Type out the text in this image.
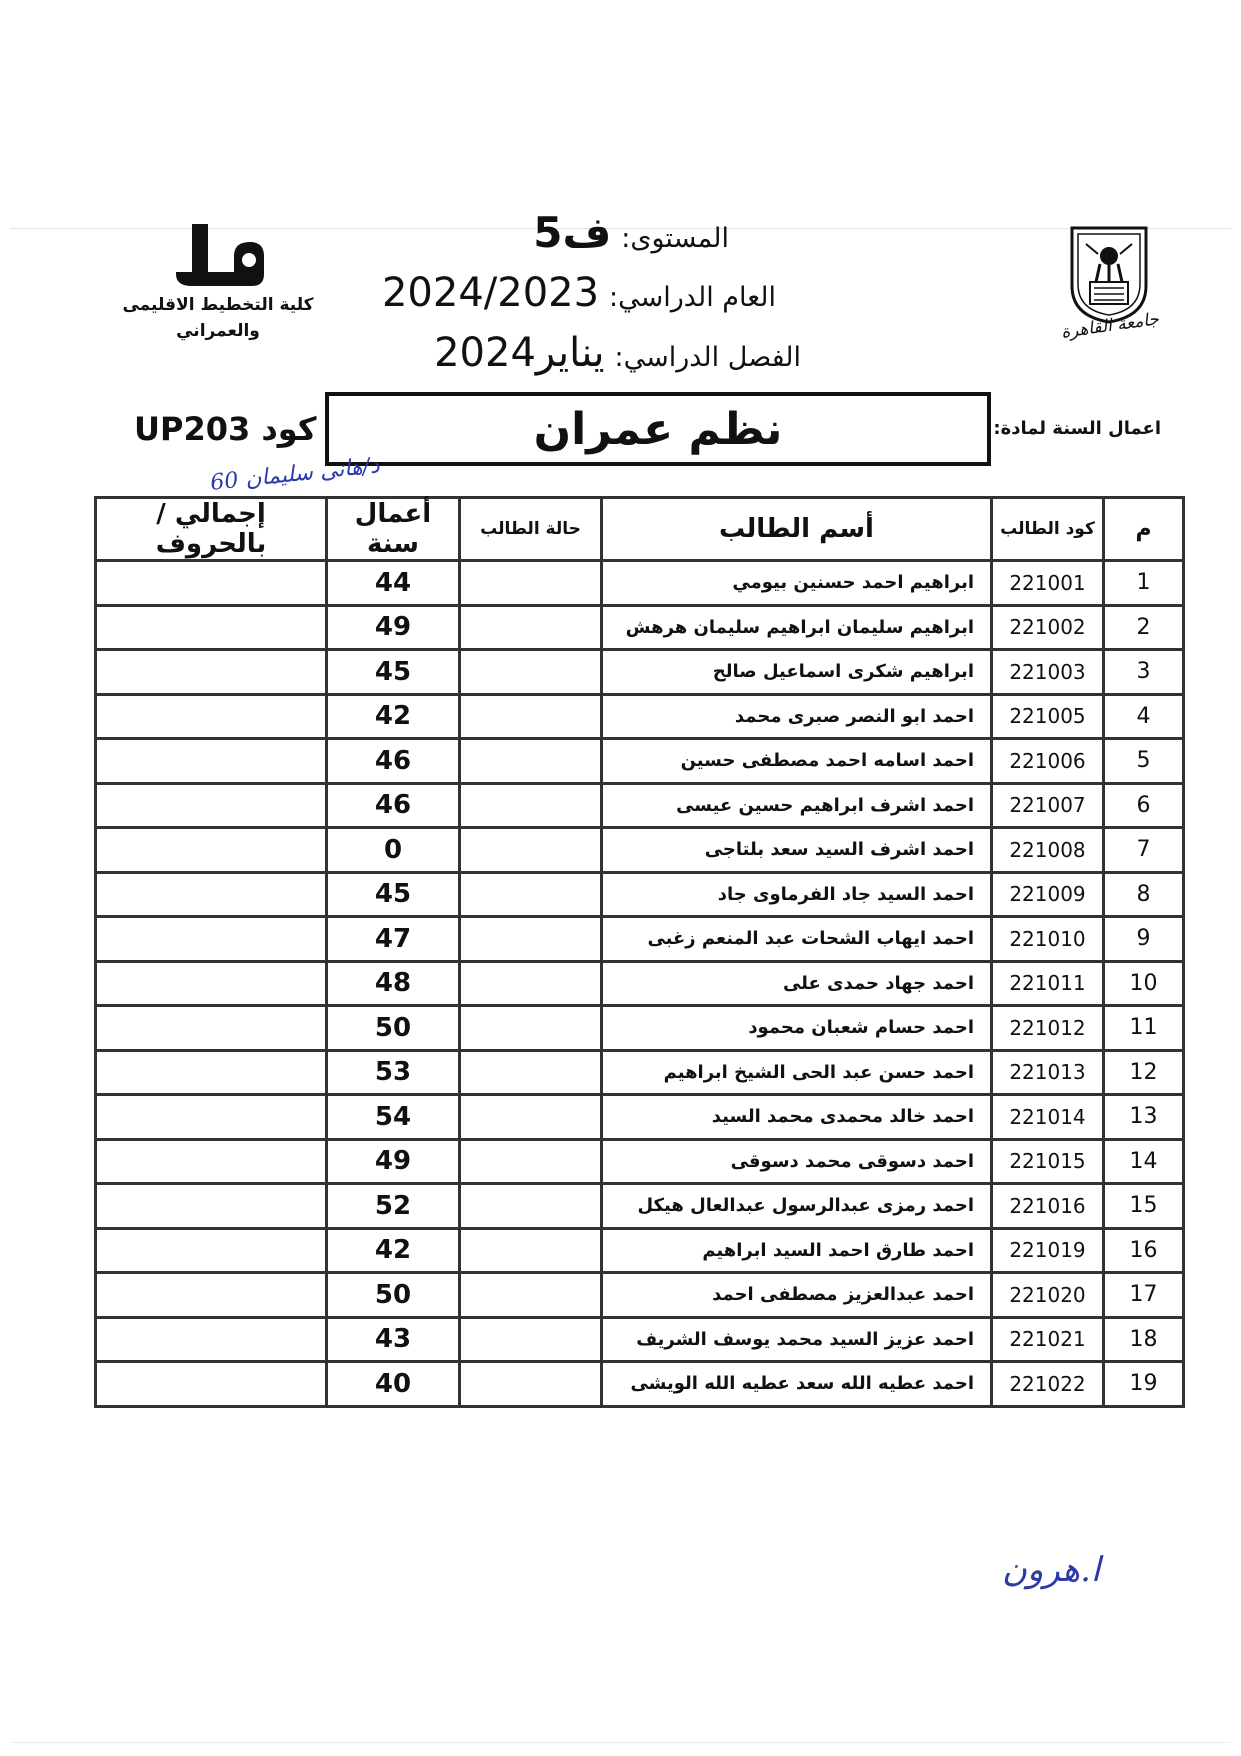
جامعة القاهرة
كلية التخطيط الاقليمى
والعمراني
المستوى:ف5
العام الدراسي:2024/2023
الفصل الدراسي:يناير2024
اعمال السنة لمادة:
نظم عمران
كود UP203
د/هانى سليمان 60
م	كود الطالب	أسم الطالب	حالة الطالب	أعمال سنة	إجمالي / بالحروف
1	221001	ابراهيم احمد حسنين بيومي		44	
2	221002	ابراهيم سليمان ابراهيم سليمان هرهش		49	
3	221003	ابراهيم شكرى اسماعيل صالح		45	
4	221005	احمد ابو النصر صبرى محمد		42	
5	221006	احمد اسامه احمد مصطفى حسين		46	
6	221007	احمد اشرف ابراهيم حسين عيسى		46	
7	221008	احمد اشرف السيد سعد بلتاجى		0	
8	221009	احمد السيد جاد الفرماوى جاد		45	
9	221010	احمد ايهاب الشحات عبد المنعم زغبى		47	
10	221011	احمد جهاد حمدى على		48	
11	221012	احمد حسام شعبان محمود		50	
12	221013	احمد حسن عبد الحى الشيخ ابراهيم		53	
13	221014	احمد خالد محمدى محمد السيد		54	
14	221015	احمد دسوقى محمد دسوقى		49	
15	221016	احمد رمزى عبدالرسول عبدالعال هيكل		52	
16	221019	احمد طارق احمد السيد ابراهيم		42	
17	221020	احمد عبدالعزيز مصطفى احمد		50	
18	221021	احمد عزيز السيد محمد يوسف الشريف		43	
19	221022	احمد عطيه الله سعد عطيه الله الويشى		40	
ا.هرون
